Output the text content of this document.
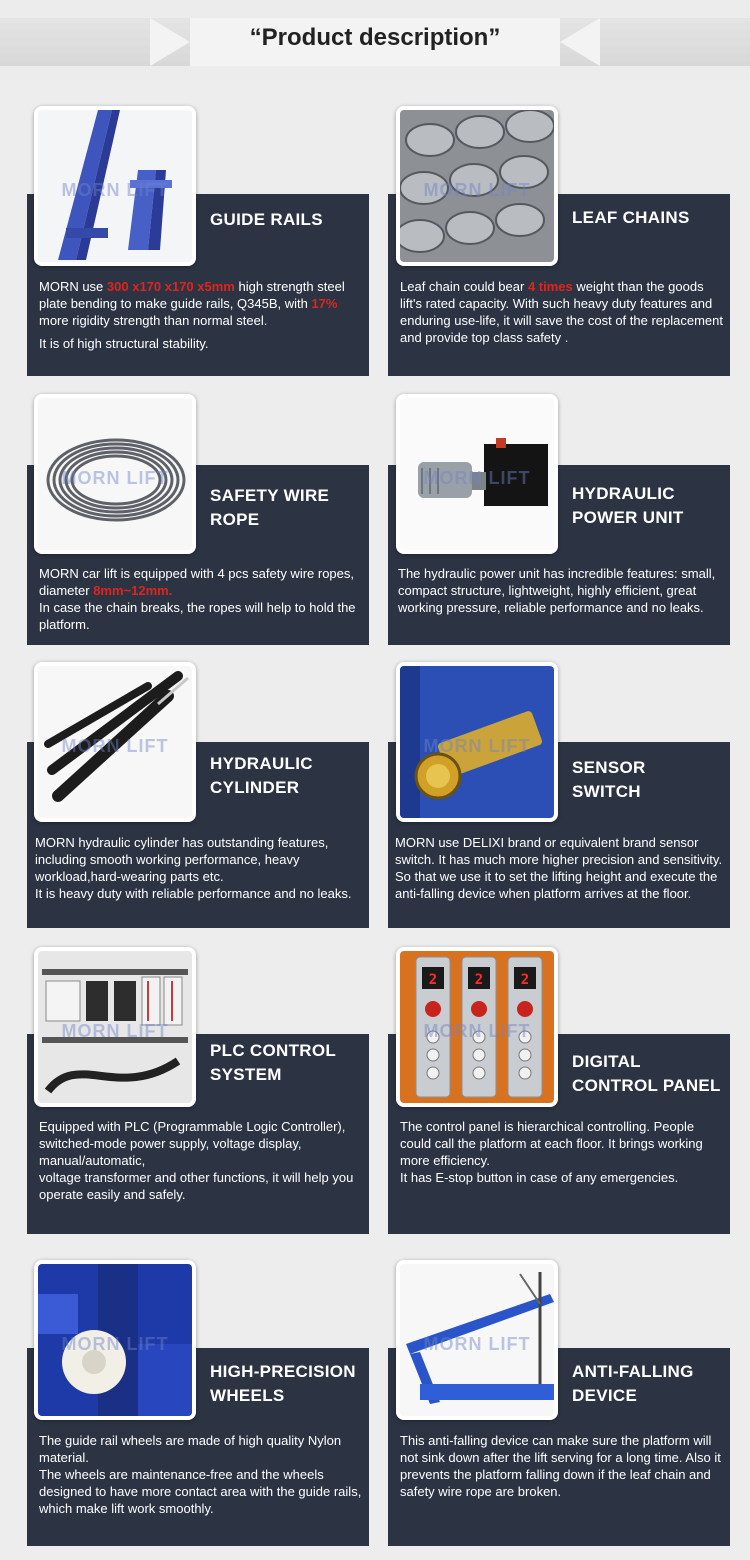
“Product description”
GUIDE RAILS

MORN use 300 x170 x170 x5mm high strength steel plate bending to make guide rails, Q345B, with 17% more rigidity strength than normal steel.

It is of high structural stability.

MORN LIFT
LEAF CHAINS

Leaf chain could bear 4 times weight than the goods lift's rated capacity. With such heavy duty features and enduring use-life, it will save the cost of the replacement and provide top class safety .

MORN LIFT
SAFETY WIRE
ROPE

MORN car lift is equipped with 4 pcs safety wire ropes, diameter 8mm~12mm.

In case the chain breaks, the ropes will help to hold the platform.

MORN LIFT
HYDRAULIC
POWER UNIT

The hydraulic power unit has incredible features: small, compact structure, lightweight, highly efficient, great working pressure, reliable performance and no leaks.

MORN LIFT
HYDRAULIC
CYLINDER

MORN hydraulic cylinder has outstanding features, including smooth working performance, heavy workload,hard-wearing parts etc.

It is heavy duty with reliable performance and no leaks.

MORN LIFT
SENSOR
SWITCH

MORN use DELIXI brand or equivalent brand sensor switch. It has much more higher precision and sensitivity.

So that we use it to set the lifting height and execute the anti-falling device when platform arrives at the floor.

MORN LIFT
PLC CONTROL
SYSTEM

Equipped with PLC (Programmable Logic Controller), switched-mode power supply, voltage display, manual/automatic,

voltage transformer and other functions, it will help you operate easily and safely.

MORN LIFT
DIGITAL
CONTROL PANEL

The control panel is hierarchical controlling. People could call the platform at each floor. It brings working more efficiency.

It has E-stop button in case of any emergencies.

2	2	2
MORN LIFT
HIGH-PRECISION
WHEELS

The guide rail wheels are made of high quality Nylon material.

The wheels are maintenance-free and the wheels designed to have more contact area with the guide rails, which make lift work smoothly.

MORN LIFT
ANTI-FALLING
DEVICE

This anti-falling device can make sure the platform will not sink down after the lift serving for a long time. Also it prevents the platform falling down if the leaf chain and safety wire rope are broken.

MORN LIFT
